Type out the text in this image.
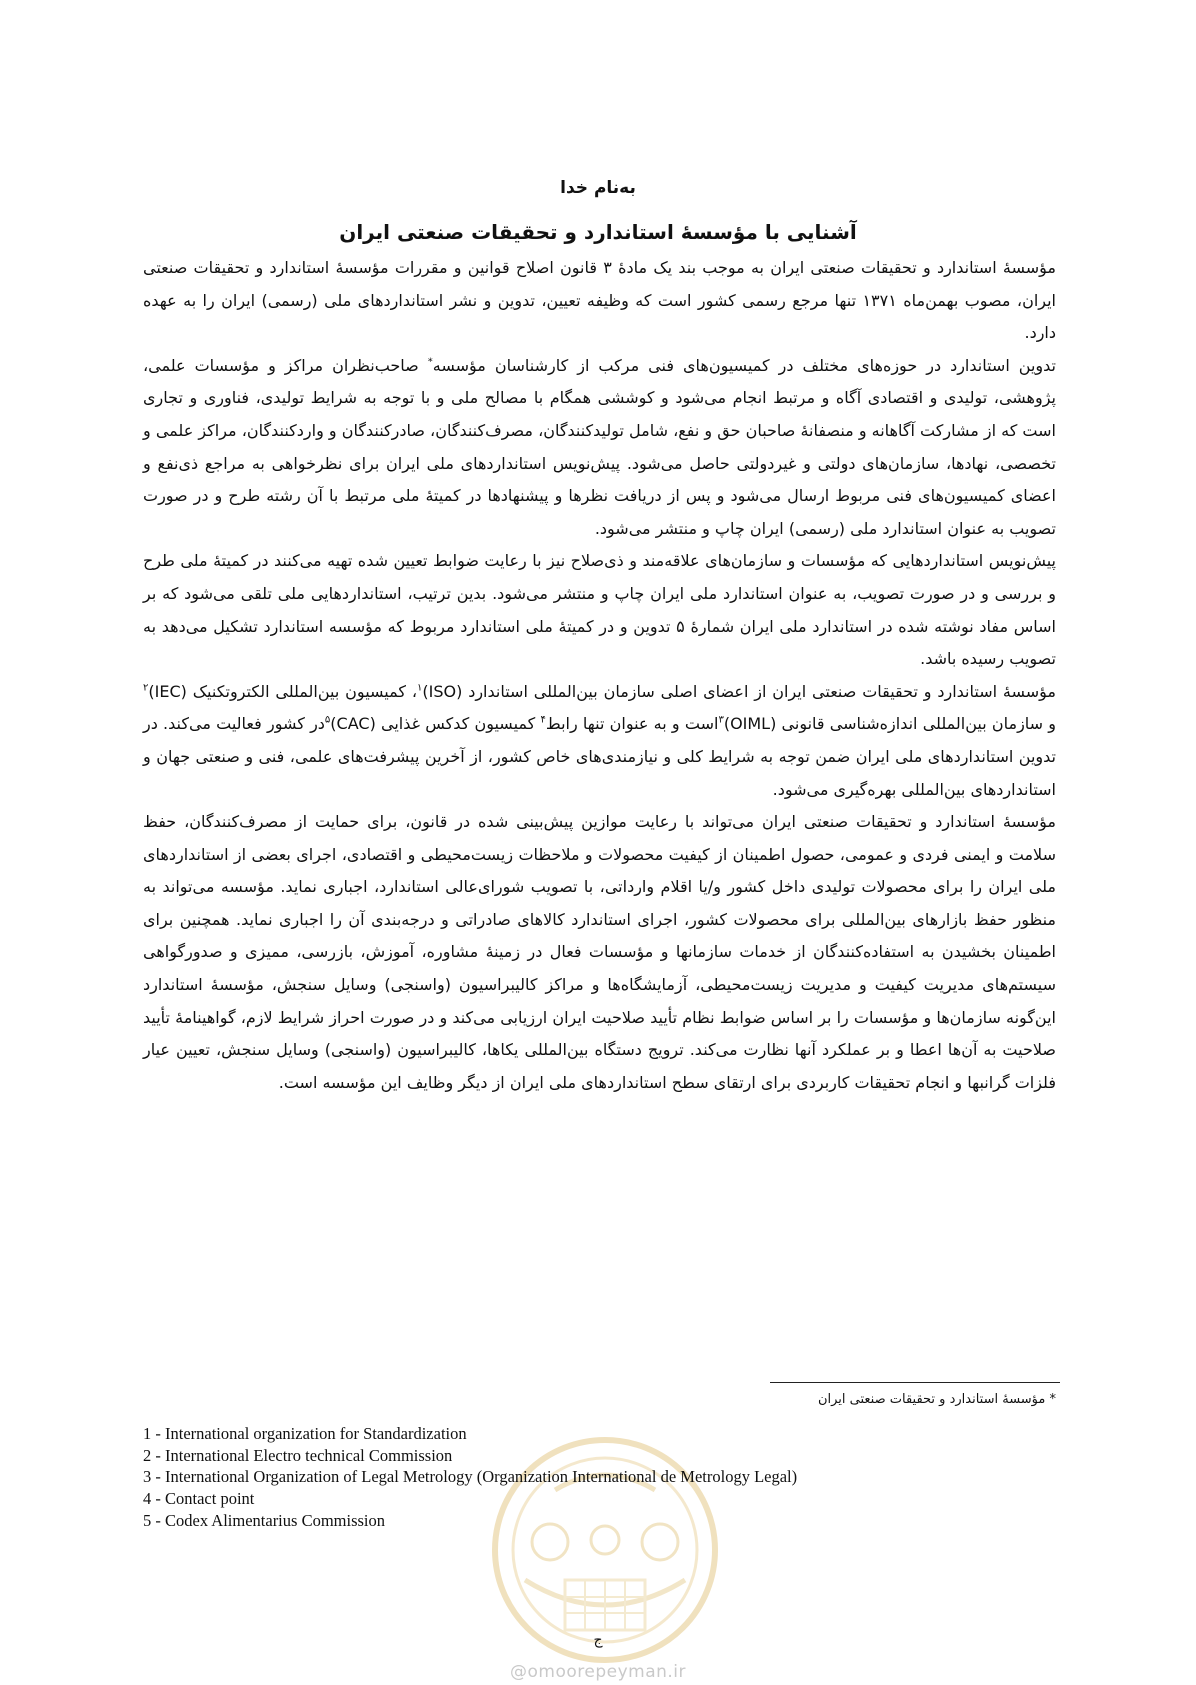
به‌نام خدا
آشنایی با مؤسسهٔ استاندارد و تحقیقات صنعتی ایران

مؤسسهٔ استاندارد و تحقیقات صنعتی ایران به موجب بند یک مادهٔ ۳ قانون اصلاح قوانین و مقررات مؤسسهٔ استاندارد و تحقیقات صنعتی ایران، مصوب بهمن‌ماه ۱۳۷۱ تنها مرجع رسمی کشور است که وظیفه تعیین، تدوین و نشر استانداردهای ملی (رسمی) ایران را به عهده دارد.

تدوین استاندارد در حوزه‌های مختلف در کمیسیون‌های فنی مرکب از کارشناسان مؤسسه* صاحب‌نظران مراکز و مؤسسات علمی، پژوهشی، تولیدی و اقتصادی آگاه و مرتبط انجام می‌شود و کوششی همگام با مصالح ملی و با توجه به شرایط تولیدی، فناوری و تجاری است که از مشارکت آگاهانه و منصفانهٔ صاحبان حق و نفع، شامل تولیدکنندگان، مصرف‌کنندگان، صادرکنندگان و واردکنندگان، مراکز علمی و تخصصی، نهادها، سازمان‌های دولتی و غیردولتی حاصل می‌شود. پیش‌نویس استانداردهای ملی ایران برای نظرخواهی به مراجع ذی‌نفع و اعضای کمیسیون‌های فنی مربوط ارسال می‌شود و پس از دریافت نظرها و پیشنهادها در کمیتهٔ ملی مرتبط با آن رشته طرح و در صورت تصویب به عنوان استاندارد ملی (رسمی) ایران چاپ و منتشر می‌شود.

پیش‌نویس استانداردهایی که مؤسسات و سازمان‌های علاقه‌مند و ذی‌صلاح نیز با رعایت ضوابط تعیین شده تهیه می‌کنند در کمیتهٔ ملی طرح و بررسی و در صورت تصویب، به عنوان استاندارد ملی ایران چاپ و منتشر می‌شود. بدین ترتیب، استانداردهایی ملی تلقی می‌شود که بر اساس مفاد نوشته شده در استاندارد ملی ایران شمارهٔ ۵ تدوین و در کمیتهٔ ملی استاندارد مربوط که مؤسسه استاندارد تشکیل می‌دهد به تصویب رسیده باشد.

مؤسسهٔ استاندارد و تحقیقات صنعتی ایران از اعضای اصلی سازمان بین‌المللی استاندارد (ISO)$^۱$، کمیسیون بین‌المللی الکتروتکنیک (IEC)$^۲$ و سازمان بین‌المللی اندازه‌شناسی قانونی (OIML)$^۳$است و به عنوان تنها رابط$^۴$ کمیسیون کدکس غذایی (CAC)$^۵$در کشور فعالیت می‌کند. در تدوین استانداردهای ملی ایران ضمن توجه به شرایط کلی و نیازمندی‌های خاص کشور، از آخرین پیشرفت‌های علمی، فنی و صنعتی جهان و استانداردهای بین‌المللی بهره‌گیری می‌شود.

مؤسسهٔ استاندارد و تحقیقات صنعتی ایران می‌تواند با رعایت موازین پیش‌بینی شده در قانون، برای حمایت از مصرف‌کنندگان، حفظ سلامت و ایمنی فردی و عمومی، حصول اطمینان از کیفیت محصولات و ملاحظات زیست‌محیطی و اقتصادی، اجرای بعضی از استانداردهای ملی ایران را برای محصولات تولیدی داخل کشور و/یا اقلام وارداتی، با تصویب شورای‌عالی استاندارد، اجباری نماید. مؤسسه می‌تواند به منظور حفظ بازارهای بین‌المللی برای محصولات کشور، اجرای استاندارد کالاهای صادراتی و درجه‌بندی آن را اجباری نماید. همچنین برای اطمینان بخشیدن به استفاده‌کنندگان از خدمات سازمانها و مؤسسات فعال در زمینهٔ مشاوره، آموزش، بازرسی، ممیزی و صدورگواهی سیستم‌های مدیریت کیفیت و مدیریت زیست‌محیطی، آزمایشگاه‌ها و مراکز کالیبراسیون (واسنجی) وسایل سنجش، مؤسسهٔ استاندارد این‌گونه سازمان‌ها و مؤسسات را بر اساس ضوابط نظام تأیید صلاحیت ایران ارزیابی می‌کند و در صورت احراز شرایط لازم، گواهینامهٔ تأیید صلاحیت به آن‌ها اعطا و بر عملکرد آنها نظارت می‌کند. ترویج دستگاه بین‌المللی یکاها، کالیبراسیون (واسنجی) وسایل سنجش، تعیین عیار فلزات گرانبها و انجام تحقیقات کاربردی برای ارتقای سطح استانداردهای ملی ایران از دیگر وظایف این مؤسسه است.

* مؤسسهٔ استاندارد و تحقیقات صنعتی ایران
1 - International organization for Standardization
2 - International Electro technical Commission
3 - International Organization of Legal Metrology (Organization International de Metrology Legal)
4 - Contact point
5 - Codex Alimentarius Commission
ج
@omoorepeyman.ir
